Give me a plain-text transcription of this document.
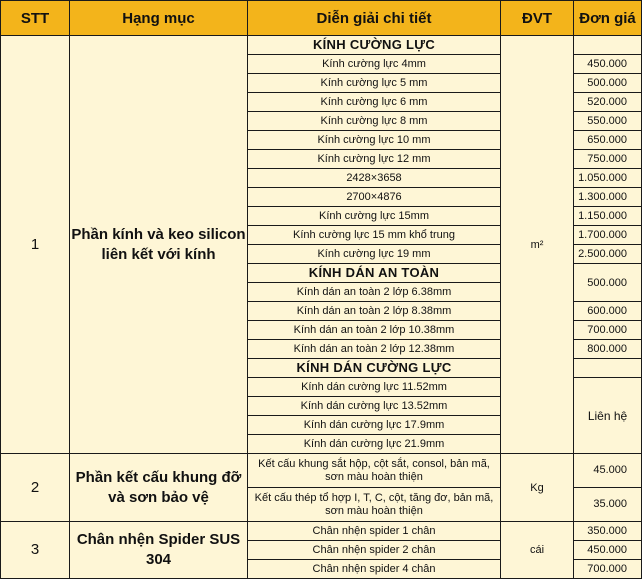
STT	Hạng mục	Diễn giải chi tiết	ĐVT	Đơn giá
1	Phần kính và keo silicon liên kết với kính	KÍNH CƯỜNG LỰC	m²	
		Kính cường lực 4mm		450.000
		Kính cường lực 5 mm		500.000
		Kính cường lực 6 mm		520.000
		Kính cường lực 8 mm		550.000
		Kính cường lực 10 mm		650.000
		Kính cường lực 12 mm		750.000
		2428×3658		1.050.000
		2700×4876		1.300.000
		Kính cường lực 15mm		1.150.000
		Kính cường lực 15 mm khổ trung		1.700.000
		Kính cường lực 19 mm		2.500.000
		KÍNH DÁN AN TOÀN		500.000
		Kính dán an toàn 2 lớp 6.38mm		
		Kính dán an toàn 2 lớp 8.38mm		600.000
		Kính dán an toàn 2 lớp 10.38mm		700.000
		Kính dán an toàn 2 lớp 12.38mm		800.000
		KÍNH DÁN CƯỜNG LỰC		
		Kính dán cường lực 11.52mm		Liên hệ
		Kính dán cường lực 13.52mm		
		Kính dán cường lực 17.9mm		
		Kính dán cường lực 21.9mm		
2	Phần kết cấu khung đỡ và sơn bảo vệ	Kết cấu khung sắt hộp, cột sắt, consol, bản mã, sơn màu hoàn thiện	Kg	45.000
		Kết cấu thép tổ hợp I, T, C, cột, tăng đơ, bản mã, sơn màu hoàn thiện		35.000
3	Chân nhện Spider SUS 304	Chân nhện spider 1 chân	cái	350.000
		Chân nhện spider 2 chân		450.000
		Chân nhện spider 4 chân		700.000
